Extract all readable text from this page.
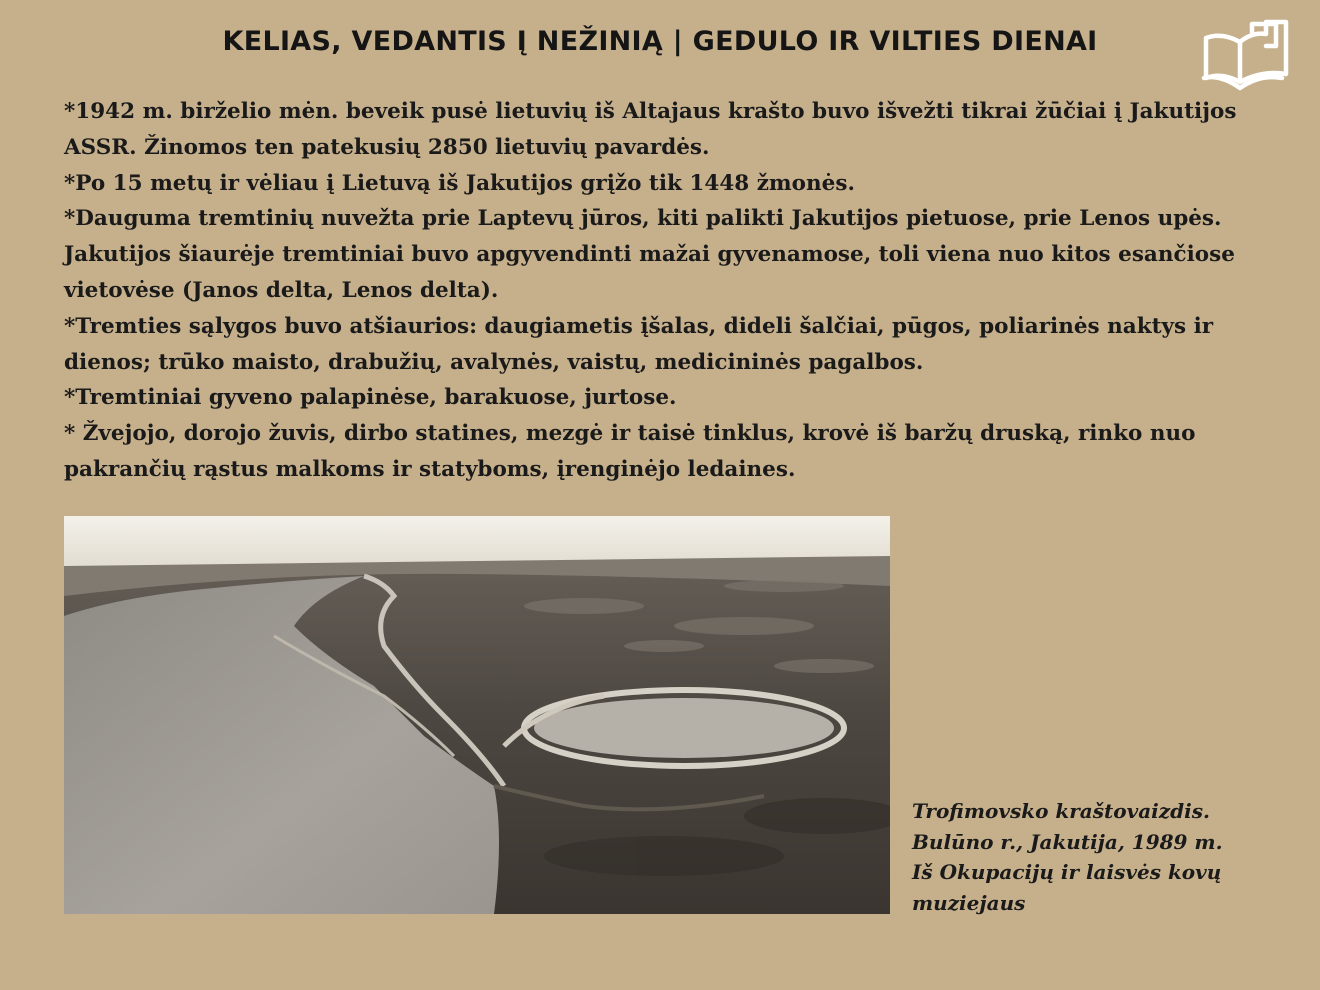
KELIAS, VEDANTIS Į NEŽINIĄ | GEDULO IR VILTIES DIENAI

*1942 m. birželio mėn. beveik pusė lietuvių iš Altajaus krašto buvo išvežti tikrai žūčiai į Jakutijos ASSR. Žinomos ten patekusių 2850 lietuvių pavardės.

*Po 15 metų ir vėliau į Lietuvą iš Jakutijos grįžo tik 1448 žmonės.

*Dauguma tremtinių nuvežta prie Laptevų jūros, kiti palikti Jakutijos pietuose, prie Lenos upės. Jakutijos šiaurėje tremtiniai buvo apgyvendinti mažai gyvenamose, toli viena nuo kitos esančiose vietovėse (Janos delta, Lenos delta).

*Tremties sąlygos buvo atšiaurios: daugiametis įšalas, dideli šalčiai, pūgos, poliarinės naktys ir dienos; trūko maisto, drabužių, avalynės, vaistų, medicininės pagalbos.

*Tremtiniai gyveno palapinėse, barakuose, jurtose.

* Žvejojo, dorojo žuvis, dirbo statines, mezgė ir taisė tinklus, krovė iš baržų druską, rinko nuo pakrančių rąstus malkoms ir statyboms, įrenginėjo ledaines.

Trofimovsko kraštovaizdis.
Bulūno r., Jakutija, 1989 m.
Iš Okupacijų ir laisvės kovų
muziejaus
